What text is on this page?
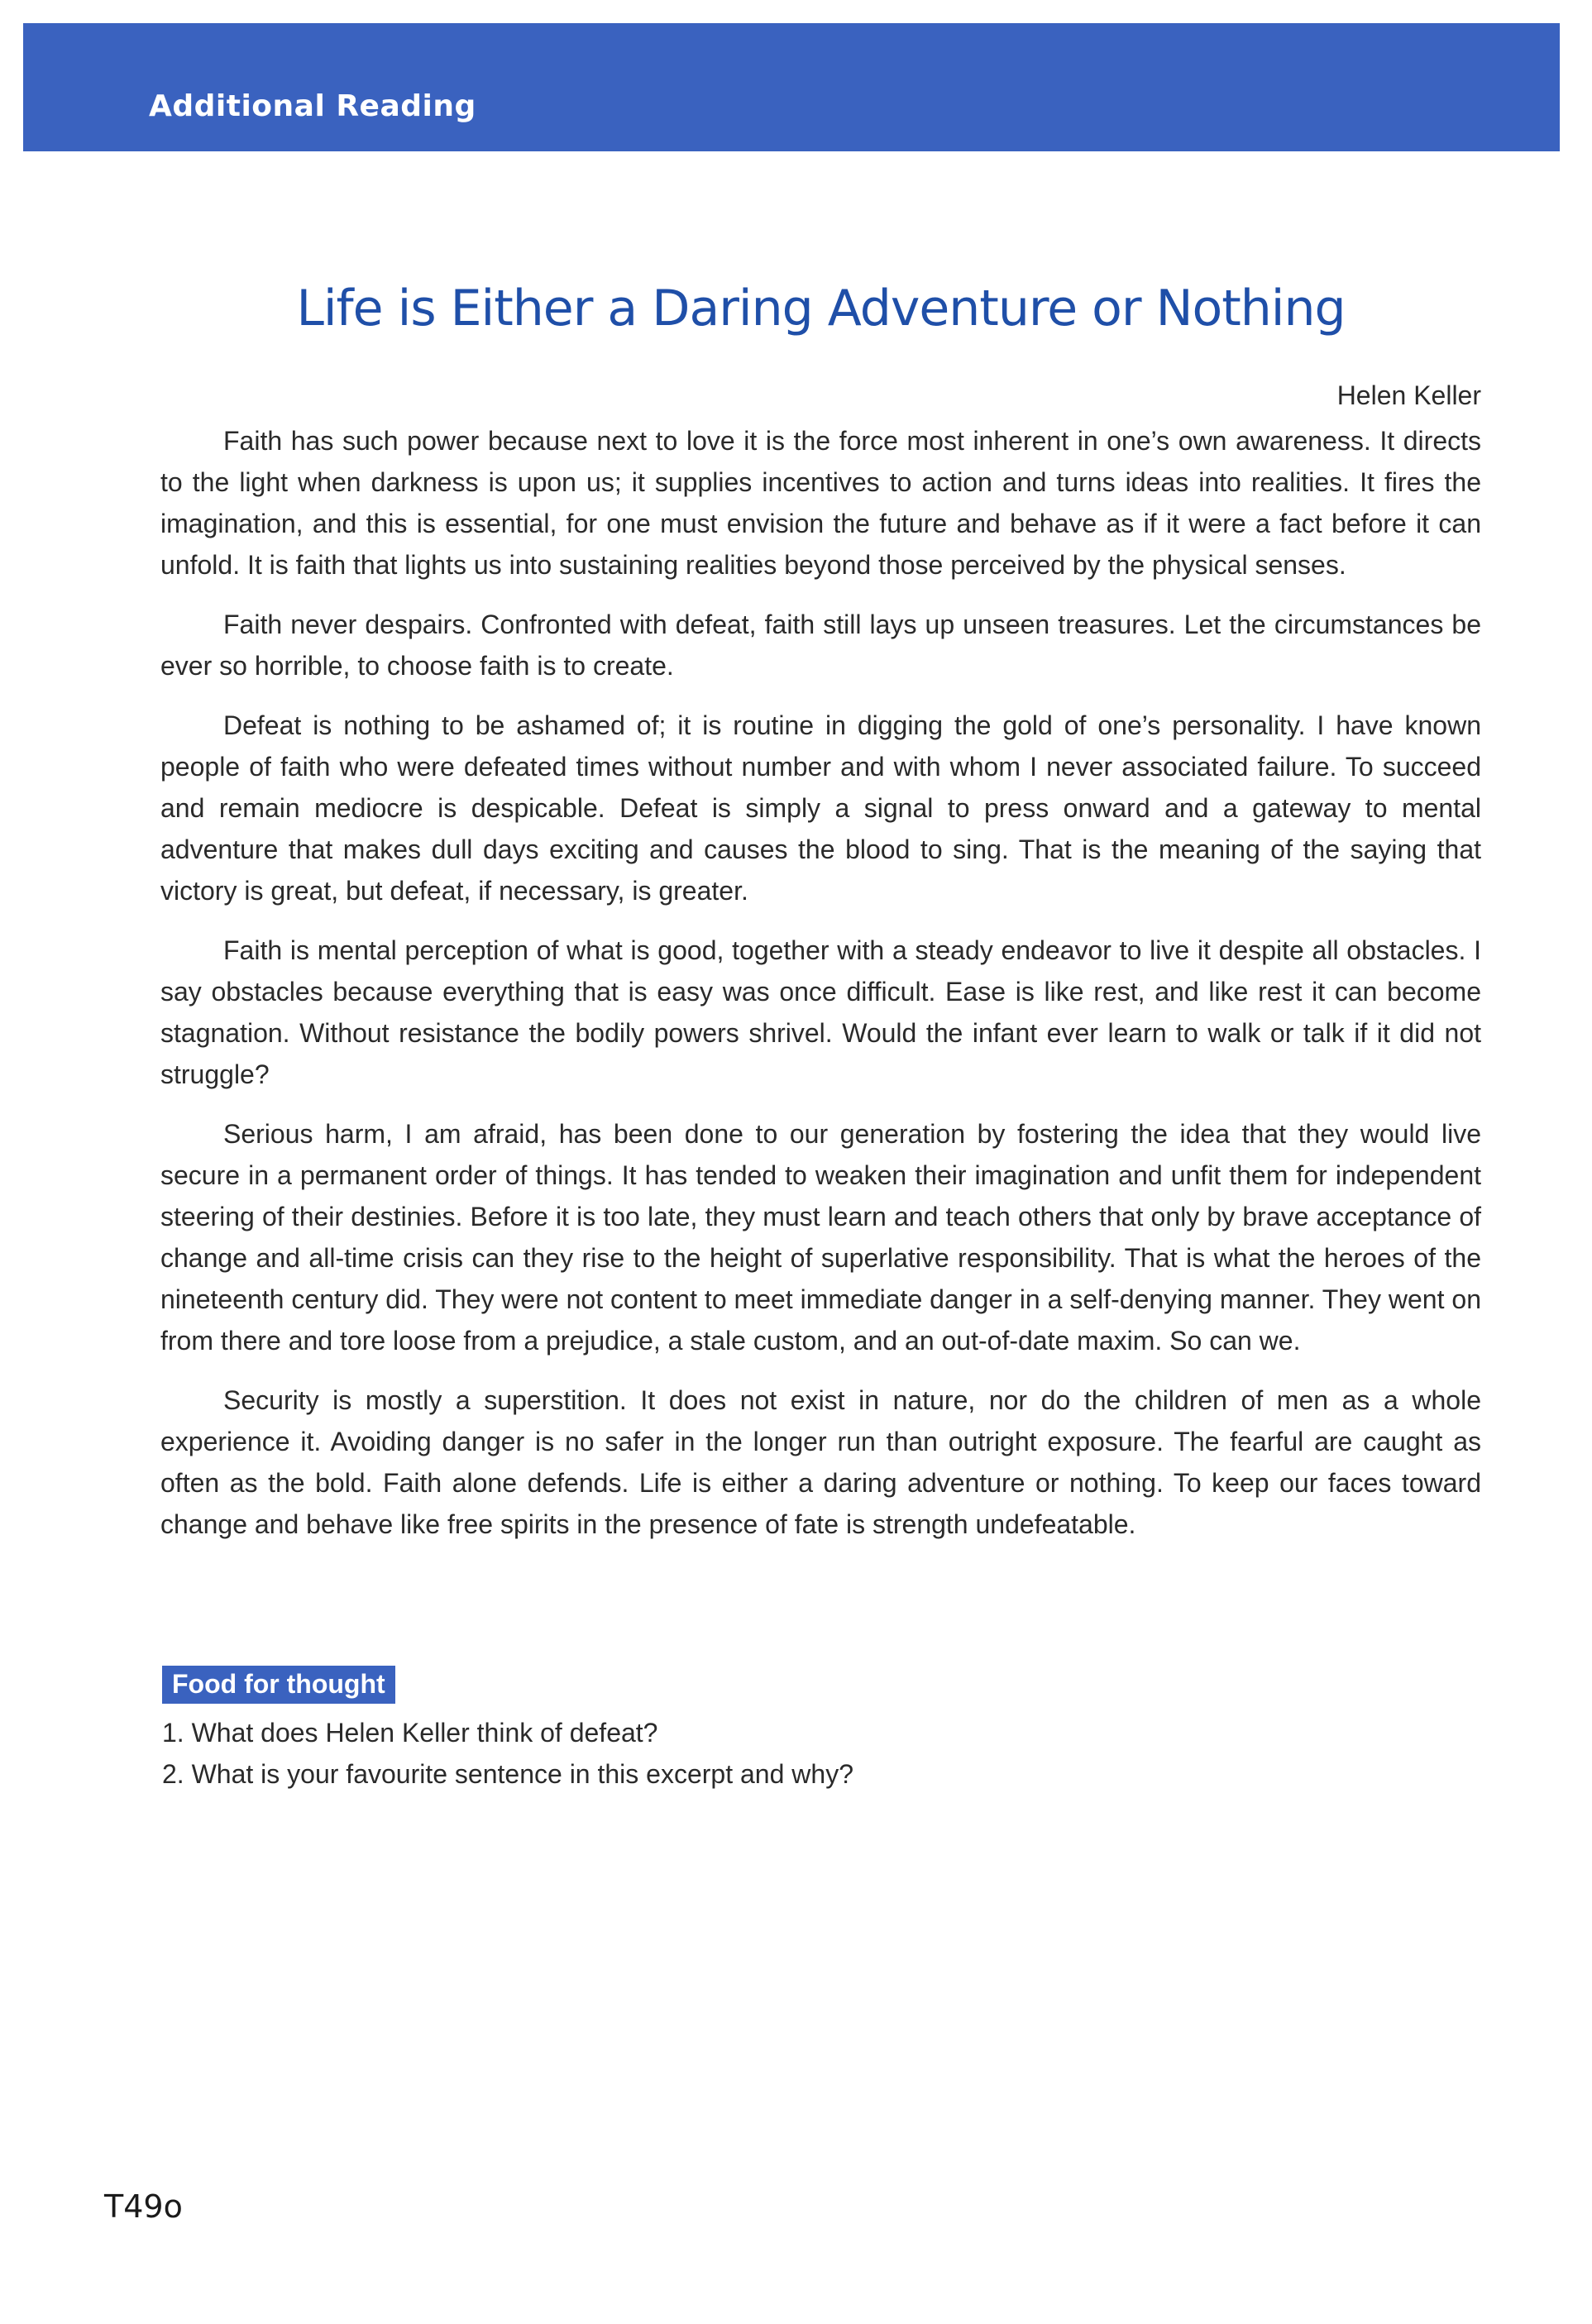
Additional Reading
Life is Either a Daring Adventure or Nothing
Helen Keller

Faith has such power because next to love it is the force most inherent in one’s own awareness. It directs to the light when darkness is upon us; it supplies incentives to action and turns ideas into realities. It fires the imagination, and this is essential, for one must envision the future and behave as if it were a fact before it can unfold. It is faith that lights us into sustaining realities beyond those perceived by the physical senses.

Faith never despairs. Confronted with defeat, faith still lays up unseen treasures. Let the circumstances be ever so horrible, to choose faith is to create.

Defeat is nothing to be ashamed of; it is routine in digging the gold of one’s personality. I have known people of faith who were defeated times without number and with whom I never associated failure. To succeed and remain mediocre is despicable. Defeat is simply a signal to press onward and a gateway to mental adventure that makes dull days exciting and causes the blood to sing. That is the meaning of the saying that victory is great, but defeat, if necessary, is greater.

Faith is mental perception of what is good, together with a steady endeavor to live it despite all obstacles. I say obstacles because everything that is easy was once difficult. Ease is like rest, and like rest it can become stagnation. Without resistance the bodily powers shrivel. Would the infant ever learn to walk or talk if it did not struggle?

Serious harm, I am afraid, has been done to our generation by fostering the idea that they would live secure in a permanent order of things. It has tended to weaken their imagination and unfit them for independent steering of their destinies. Before it is too late, they must learn and teach others that only by brave acceptance of change and all-time crisis can they rise to the height of superlative responsibility. That is what the heroes of the nineteenth century did. They were not content to meet immediate danger in a self-denying manner. They went on from there and tore loose from a prejudice, a stale custom, and an out-of-date maxim. So can we.

Security is mostly a superstition. It does not exist in nature, nor do the children of men as a whole experience it. Avoiding danger is no safer in the longer run than outright exposure. The fearful are caught as often as the bold. Faith alone defends. Life is either a daring adventure or nothing. To keep our faces toward change and behave like free spirits in the presence of fate is strength undefeatable.

Food for thought
1. What does Helen Keller think of defeat?
2. What is your favourite sentence in this excerpt and why?
T49o
